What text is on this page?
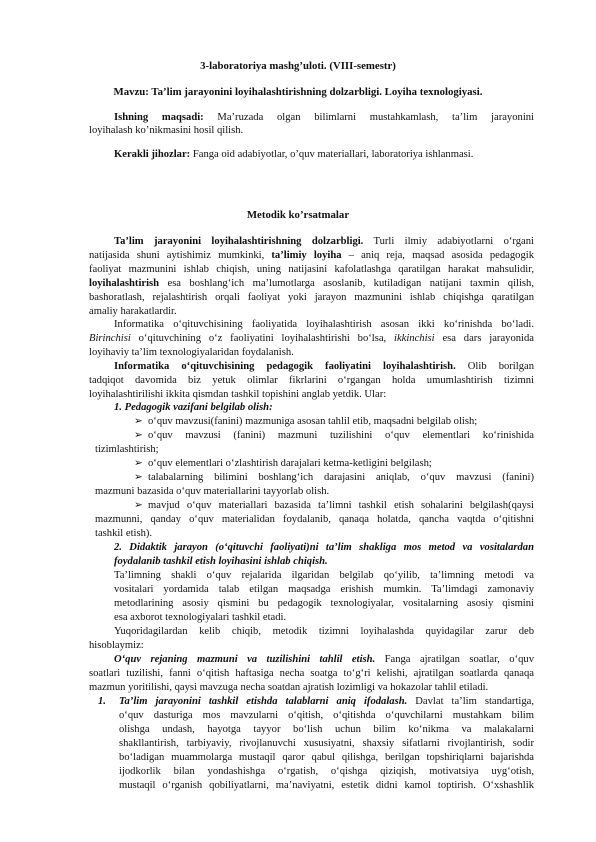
3-laboratoriya mashg’uloti. (VIII-semestr)
Mavzu: Ta’lim jarayonini loyihalashtirishning dolzarbligi. Loyiha texnologiyasi.
Ishning maqsadi: Ma’ruzada olgan bilimlarni mustahkamlash, ta’lim jarayonini
loyihalash ko’nikmasini hosil qilish.
Kerakli jihozlar: Fanga oid adabiyotlar, o’quv materiallari, laboratoriya ishlanmasi.
Metodik ko’rsatmalar
Ta’lim jarayonini loyihalashtirishning dolzarbligi. Turli ilmiy adabiyotlarni o‘rgani
natijasida shuni aytishimiz mumkinki, ta’limiy loyiha – aniq reja, maqsad asosida pedagogik
faoliyat mazmunini ishlab chiqish, uning natijasini kafolatlashga qaratilgan harakat mahsulidir,
loyihalashtirish esa boshlang‘ich ma’lumotlarga asoslanib, kutiladigan natijani taxmin qilish,
bashoratlash, rejalashtirish orqali faoliyat yoki jarayon mazmunini ishlab chiqishga qaratilgan
amaliy harakatlardir.
Informatika o‘qituvchisining faoliyatida loyihalashtirish asosan ikki ko‘rinishda bo‘ladi.
Birinchisi o‘qituvchining o‘z faoliyatini loyihalashtirishi bo‘lsa, ikkinchisi esa dars jarayonida
loyihaviy ta’lim texnologiyalaridan foydalanish.
Informatika o‘qituvchisining pedagogik faoliyatini loyihalashtirish. Olib borilgan
tadqiqot davomida biz yetuk olimlar fikrlarini o‘rgangan holda umumlashtirish tizimni
loyihalashtirilishi ikkita qismdan tashkil topishini anglab yetdik. Ular:
1. Pedagogik vazifani belgilab olish:
➢ o‘quv mavzusi(fanini) mazmuniga asosan tahlil etib, maqsadni belgilab olish;
➢ o‘quv mavzusi (fanini) mazmuni tuzilishini o‘quv elementlari ko‘rinishida
tizimlashtirish;
➢ o‘quv elementlari o‘zlashtirish darajalari ketma-ketligini belgilash;
➢ talabalarning bilimini boshlang‘ich darajasini aniqlab, o‘quv mavzusi (fanini)
mazmuni bazasida o‘quv materiallarini tayyorlab olish.
➢ mavjud o‘quv materiallari bazasida ta’limni tashkil etish sohalarini belgilash(qaysi
mazmunni, qanday o‘quv materialidan foydalanib, qanaqa holatda, qancha vaqtda o‘qitishni
tashkil etish).
2. Didaktik jarayon (o‘qituvchi faoliyati)ni ta’lim shakliga mos metod va vositalardan
foydalanib tashkil etish loyihasini ishlab chiqish.
Ta’limning shakli o‘quv rejalarida ilgaridan belgilab qo‘yilib, ta’limning metodi va
vositalari yordamida talab etilgan maqsadga erishish mumkin. Ta’limdagi zamonaviy
metodlarining asosiy qismini bu pedagogik texnologiyalar, vositalarning asosiy qismini
esa axborot texnologiyalari tashkil etadi.
Yuqoridagilardan kelib chiqib, metodik tizimni loyihalashda quyidagilar zarur deb
hisoblaymiz:
O‘quv rejaning mazmuni va tuzilishini tahlil etish. Fanga ajratilgan soatlar, o‘quv
soatlari tuzilishi, fanni o‘qitish haftasiga necha soatga to‘g‘ri kelishi, ajratilgan soatlarda qanaqa
mazmun yoritilishi, qaysi mavzuga necha soatdan ajratish lozimligi va hokazolar tahlil etiladi.
1. Ta’lim jarayonini tashkil etishda talablarni aniq ifodalash. Davlat ta’lim standartiga,
o‘quv dasturiga mos mavzularni o‘qitish, o‘qitishda o‘quvchilarni mustahkam bilim
olishga undash, hayotga tayyor bo‘lish uchun bilim ko‘nikma va malakalarni
shakllantirish, tarbiyaviy, rivojlanuvchi xususiyatni, shaxsiy sifatlarni rivojlantirish, sodir
bo‘ladigan muammolarga mustaqil qaror qabul qilishga, berilgan topshiriqlarni bajarishda
ijodkorlik bilan yondashishga o‘rgatish, o‘qishga qiziqish, motivatsiya uyg‘otish,
mustaqil o‘rganish qobiliyatlarni, ma’naviyatni, estetik didni kamol toptirish. O‘xshashlik
